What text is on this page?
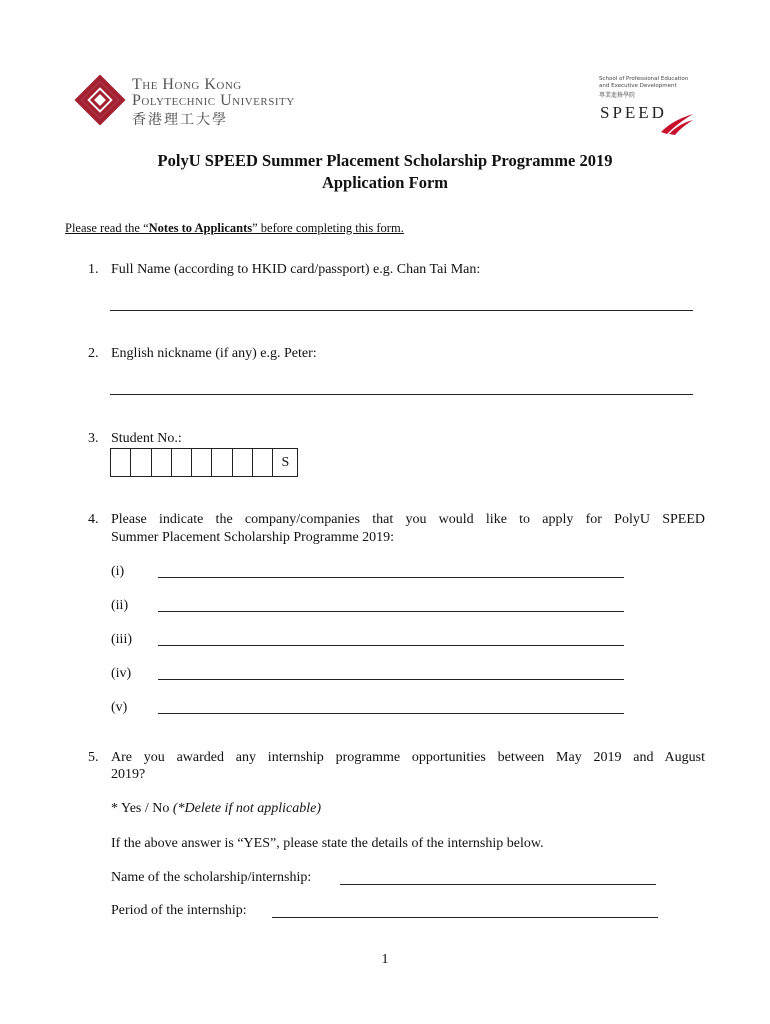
The Hong Kong
Polytechnic University
香港理工大學
School of Professional Education
and Executive Development
專業進修學院
SPEED
PolyU SPEED Summer Placement Scholarship Programme 2019
Application Form
Please read the “Notes to Applicants” before completing this form.
1. Full Name (according to HKID card/passport) e.g. Chan Tai Man:
2. English nickname (if any) e.g. Peter:
3. Student No.:
S
4. Please indicate the company/companies that you would like to apply for PolyU SPEED
Summer Placement Scholarship Programme 2019:
(i)
(ii)
(iii)
(iv)
(v)
5. Are you awarded any internship programme opportunities between May 2019 and August
2019?
* Yes / No (*Delete if not applicable)
If the above answer is “YES”, please state the details of the internship below.
Name of the scholarship/internship:
Period of the internship:
1
